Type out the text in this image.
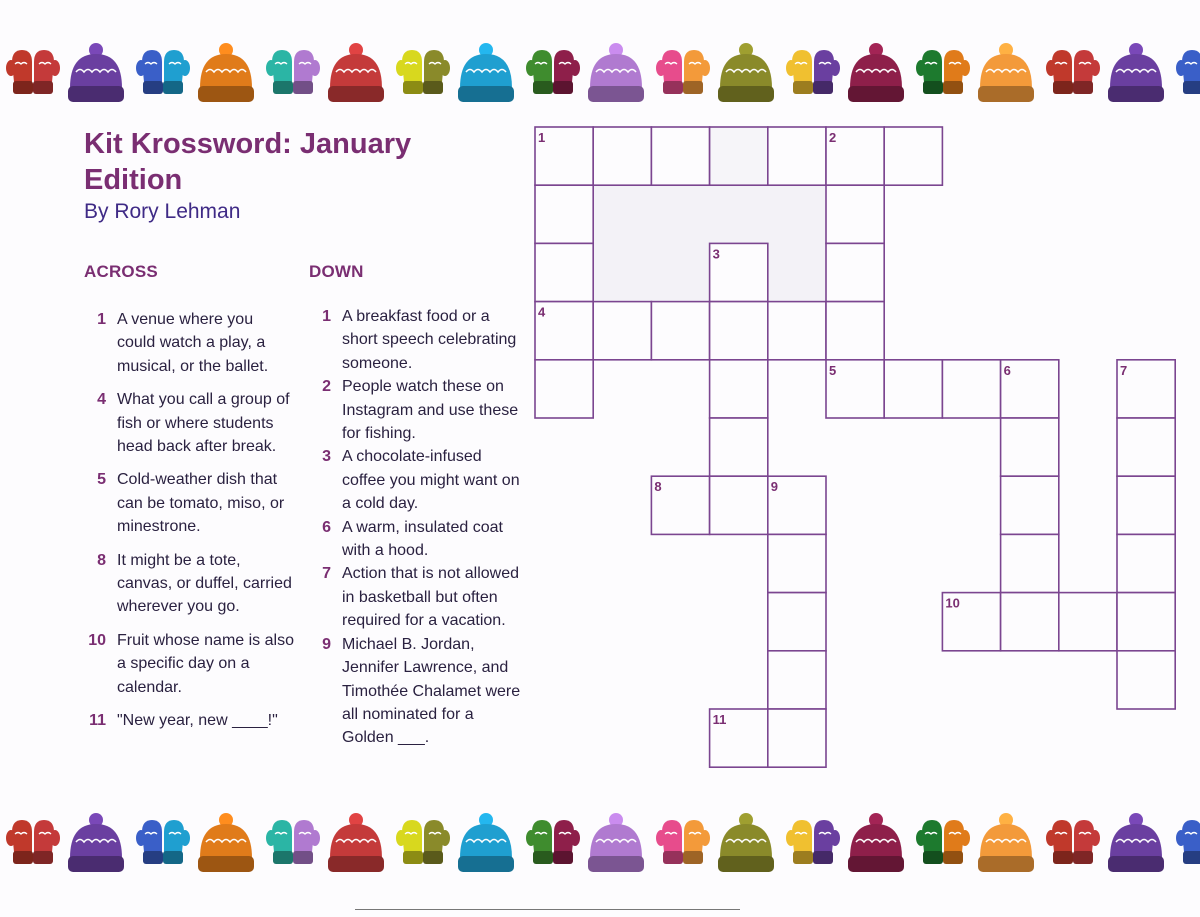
Kit Krossword: January Edition
By Rory Lehman
ACROSS	DOWN
1 A venue where you could watch a play, a musical, or the ballet.
4 What you call a group of fish or where students head back after break.
5 Cold-weather dish that can be tomato, miso, or minestrone.
8 It might be a tote, canvas, or duffel, carried wherever you go.
10 Fruit whose name is also a specific day on a calendar.
11 "New year, new ____!"
1 A breakfast food or a short speech celebrating someone.
2 People watch these on Instagram and use these for fishing.
3 A chocolate-infused coffee you might want on a cold day.
6 A warm, insulated coat with a hood.
7 Action that is not allowed in basketball but often required for a vacation.
9 Michael B. Jordan, Jennifer Lawrence, and Timothée Chalamet were all nominated for a Golden ___.
1	2
3
4
5	6	7
8	9
10
11
